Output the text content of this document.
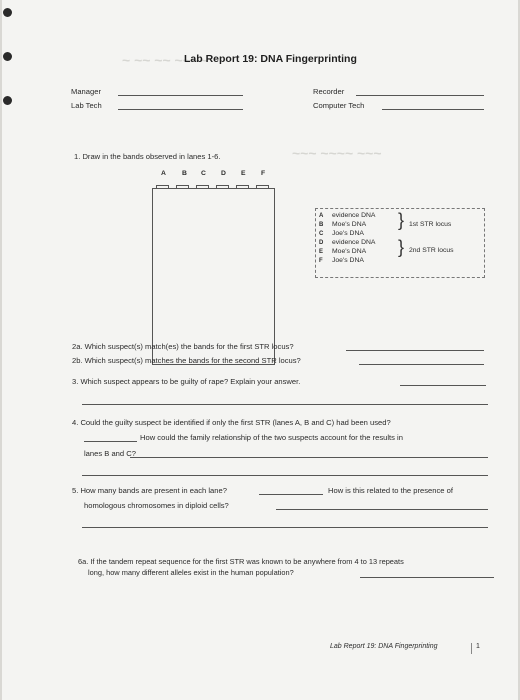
~ ~~ ~~ ~~~~
~~~ ~~~~ ~~~
Lab Report 19: DNA Fingerprinting
Manager
Lab Tech
Recorder
Computer Tech
1. Draw in the bands observed in lanes 1-6.
A B C D E F
A evidence DNA
B Moe's DNA
C Joe's DNA
D evidence DNA
E Moe's DNA
F Joe's DNA
} 1st STR locus
} 2nd STR locus
2a. Which suspect(s) match(es) the bands for the first STR locus?
2b. Which suspect(s) matches the bands for the second STR locus?
3. Which suspect appears to be guilty of rape? Explain your answer.
4. Could the guilty suspect be identified if only the first STR (lanes A, B and C) had been used?
How could the family relationship of the two suspects account for the results in
lanes B and C?
5. How many bands are present in each lane?	How is this related to the presence of
homologous chromosomes in diploid cells?
6a. If the tandem repeat sequence for the first STR was known to be anywhere from 4 to 13 repeats
long, how many different alleles exist in the human population?
Lab Report 19: DNA Fingerprinting	1
